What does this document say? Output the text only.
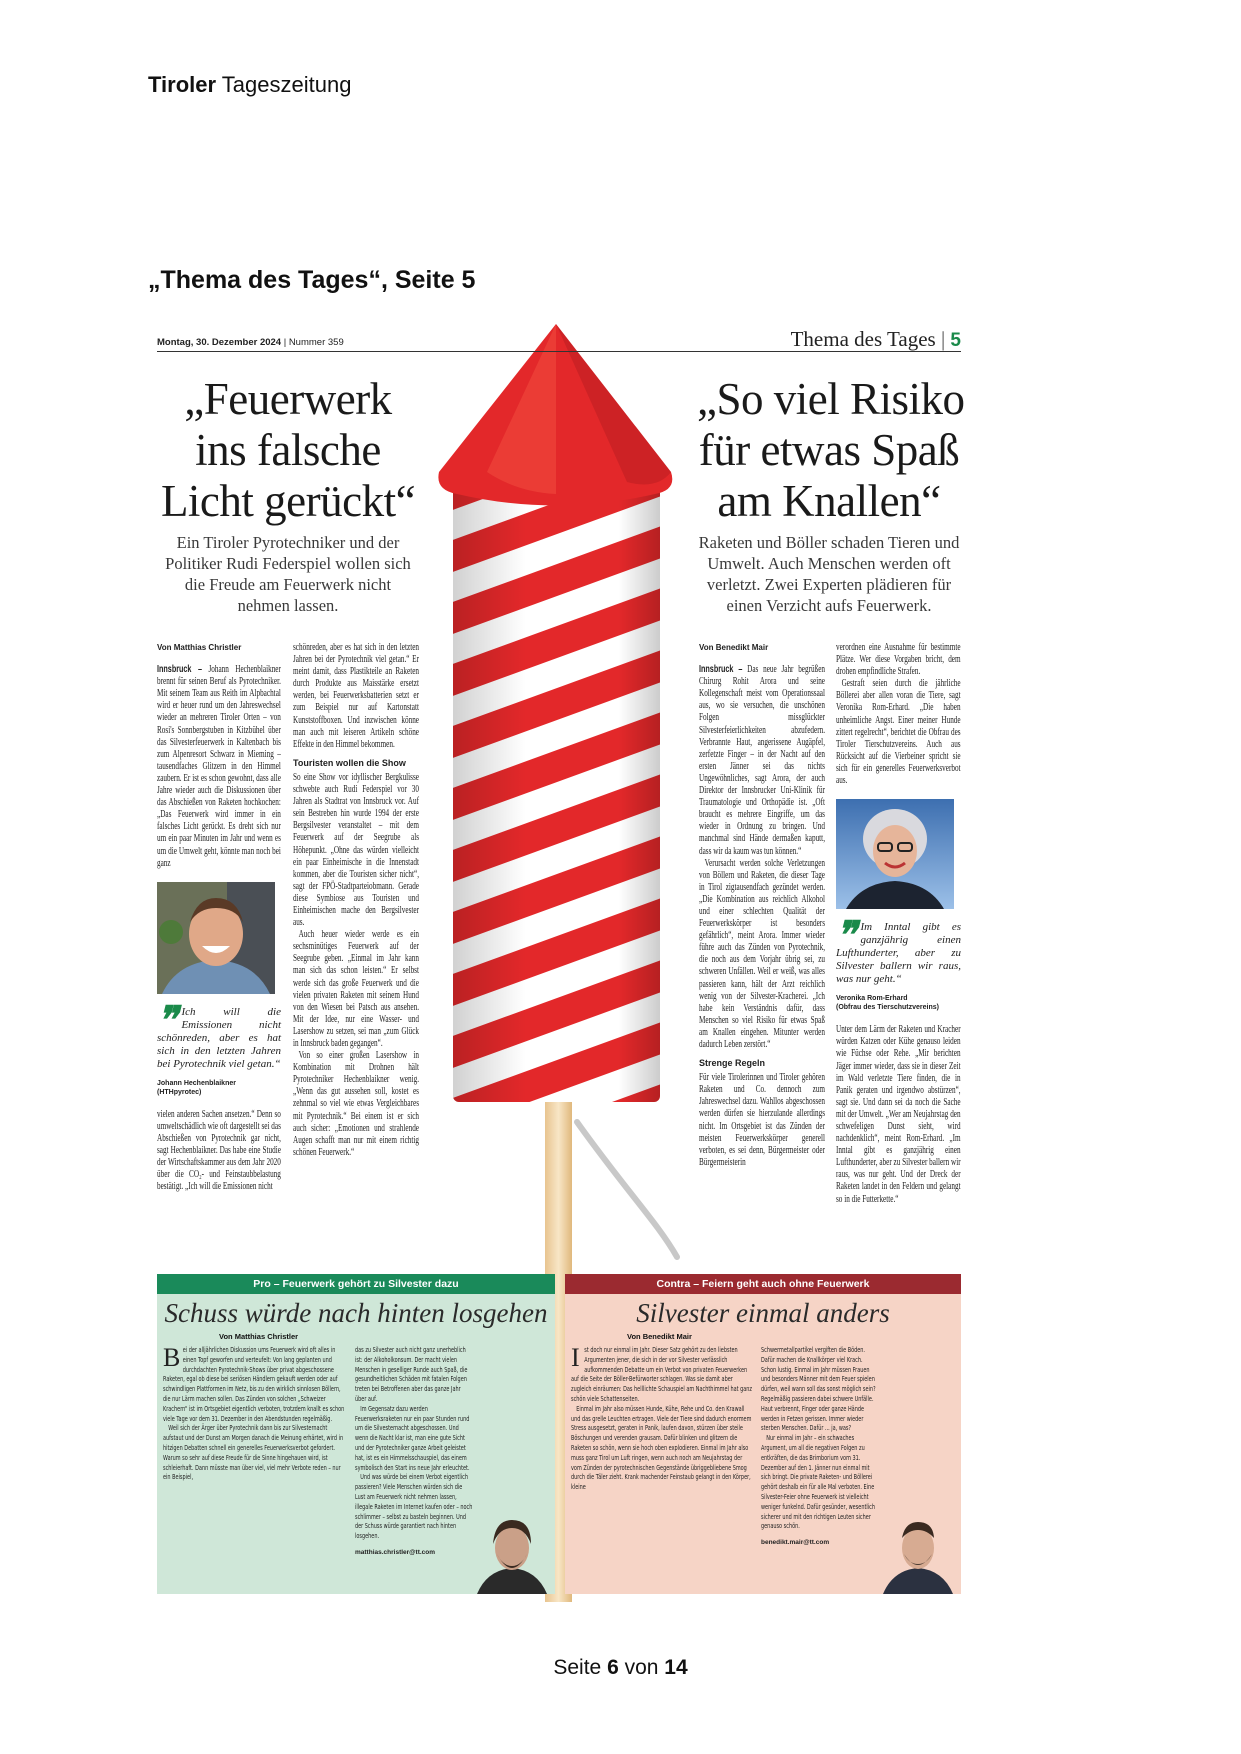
Tiroler Tageszeitung
„Thema des Tages“, Seite 5
Montag, 30. Dezember 2024 | Nummer 359	Thema des Tages | 5
„Feuerwerk
ins falsche
Licht gerückt“
Ein Tiroler Pyrotechniker und der Politiker Rudi Federspiel wollen sich die Freude am Feuerwerk nicht nehmen lassen.
Von Matthias Christler

Innsbruck – Johann Hechenblaikner brennt für seinen Beruf als Pyrotechniker. Mit seinem Team aus Reith im Alpbachtal wird er heuer rund um den Jahreswechsel wieder an mehreren Tiroler Orten – von Rosi's Sonnbergstuben in Kitzbühel über das Silvesterfeuerwerk in Kaltenbach bis zum Alpenresort Schwarz in Mieming – tausendfaches Glitzern in den Himmel zaubern. Er ist es schon gewohnt, dass alle Jahre wieder auch die Diskussionen über das Abschießen von Raketen hochkochen: „Das Feuerwerk wird immer in ein falsches Licht gerückt. Es dreht sich nur um ein paar Minuten im Jahr und wenn es um die Umwelt geht, könnte man noch bei ganz

❞ Ich will die Emissionen nicht schönreden, aber es hat sich in den letzten Jahren bei Pyrotechnik viel getan.“
Johann Hechenblaikner
(HTHpyrotec)

vielen anderen Sachen ansetzen.“ Denn so umweltschädlich wie oft dargestellt sei das Abschießen von Pyrotechnik gar nicht, sagt Hechenblaikner. Das habe eine Studie der Wirtschaftskammer aus dem Jahr 2020 über die CO₂- und Feinstaubbelastung bestätigt. „Ich will die Emissionen nicht

schönreden, aber es hat sich in den letzten Jahren bei der Pyrotechnik viel getan.“ Er meint damit, dass Plastikteile an Raketen durch Produkte aus Maisstärke ersetzt werden, bei Feuerwerksbatterien setzt er zum Beispiel nur auf Kartonstatt Kunststoffboxen. Und inzwischen könne man auch mit leiseren Artikeln schöne Effekte in den Himmel bekommen.

Touristen wollen die Show

So eine Show vor idyllischer Bergkulisse schwebte auch Rudi Federspiel vor 30 Jahren als Stadtrat von Innsbruck vor. Auf sein Bestreben hin wurde 1994 der erste Bergsilvester veranstaltet – mit dem Feuerwerk auf der Seegrube als Höhepunkt. „Ohne das würden vielleicht ein paar Einheimische in die Innenstadt kommen, aber die Touristen sicher nicht“, sagt der FPÖ-Stadtparteiobmann. Gerade diese Symbiose aus Touristen und Einheimischen mache den Bergsilvester aus.

Auch heuer wieder werde es ein sechsminütiges Feuerwerk auf der Seegrube geben. „Einmal im Jahr kann man sich das schon leisten.“ Er selbst werde sich das große Feuerwerk und die vielen privaten Raketen mit seinem Hund von den Wiesen bei Patsch aus ansehen. Mit der Idee, nur eine Wasser- und Lasershow zu setzen, sei man „zum Glück in Innsbruck baden gegangen“.

Von so einer großen Lasershow in Kombination mit Drohnen hält Pyrotechniker Hechenblaikner wenig. „Wenn das gut aussehen soll, kostet es zehnmal so viel wie etwas Vergleichbares mit Pyrotechnik.“ Bei einem ist er sich auch sicher: „Emotionen und strahlende Augen schafft man nur mit einem richtig schönen Feuerwerk.“

„So viel Risiko
für etwas Spaß
am Knallen“
Raketen und Böller schaden Tieren und Umwelt. Auch Menschen werden oft verletzt. Zwei Experten plädieren für einen Verzicht aufs Feuerwerk.
Von Benedikt Mair

Innsbruck – Das neue Jahr begrüßen Chirurg Rohit Arora und seine Kollegenschaft meist vom Operationssaal aus, wo sie versuchen, die unschönen Folgen missglückter Silvesterfeierlichkeiten abzufedern. Verbrannte Haut, angerissene Augäpfel, zerfetzte Finger – in der Nacht auf den ersten Jänner sei das nichts Ungewöhnliches, sagt Arora, der auch Direktor der Innsbrucker Uni-Klinik für Traumatologie und Orthopädie ist. „Oft braucht es mehrere Eingriffe, um das wieder in Ordnung zu bringen. Und manchmal sind Hände dermaßen kaputt, dass wir da kaum was tun können.“

Verursacht werden solche Verletzungen von Böllern und Raketen, die dieser Tage in Tirol zigtausendfach gezündet werden. „Die Kombination aus reichlich Alkohol und einer schlechten Qualität der Feuerwerkskörper ist besonders gefährlich“, meint Arora. Immer wieder führe auch das Zünden von Pyrotechnik, die noch aus dem Vorjahr übrig sei, zu schweren Unfällen. Weil er weiß, was alles passieren kann, hält der Arzt reichlich wenig von der Silvester-Kracherei. „Ich habe kein Verständnis dafür, dass Menschen so viel Risiko für etwas Spaß am Knallen eingehen. Mitunter werden dadurch Leben zerstört.“

Strenge Regeln

Für viele Tirolerinnen und Tiroler gehören Raketen und Co. dennoch zum Jahreswechsel dazu. Wahllos abgeschossen werden dürfen sie hierzulande allerdings nicht. Im Ortsgebiet ist das Zünden der meisten Feuerwerkskörper generell verboten, es sei denn, Bürgermeister oder Bürgermeisterin

verordnen eine Ausnahme für bestimmte Plätze. Wer diese Vorgaben bricht, dem drohen empfindliche Strafen.

Gestraft seien durch die jährliche Böllerei aber allen voran die Tiere, sagt Veronika Rom-Erhard. „Die haben unheimliche Angst. Einer meiner Hunde zittert regelrecht“, berichtet die Obfrau des Tiroler Tierschutzvereins. Auch aus Rücksicht auf die Vierbeiner spricht sie sich für ein generelles Feuerwerksverbot aus.

❞ Im Inntal gibt es ganzjährig einen Lufthunderter, aber zu Silvester ballern wir raus, was nur geht.“
Veronika Rom-Erhard
(Obfrau des Tierschutzvereins)

Unter dem Lärm der Raketen und Kracher würden Katzen oder Kühe genauso leiden wie Füchse oder Rehe. „Mir berichten Jäger immer wieder, dass sie in dieser Zeit im Wald verletzte Tiere finden, die in Panik geraten und irgendwo abstürzen“, sagt sie. Und dann sei da noch die Sache mit der Umwelt. „Wer am Neujahrstag den schwefeligen Dunst sieht, wird nachdenklich“, meint Rom-Erhard. „Im Inntal gibt es ganzjährig einen Lufthunderter, aber zu Silvester ballern wir raus, was nur geht. Und der Dreck der Raketen landet in den Feldern und gelangt so in die Futterkette.“

Pro – Feuerwerk gehört zu Silvester dazu
Schuss würde nach hinten losgehen
Von Matthias Christler
B ei der alljährlichen Diskussion ums Feuerwerk wird oft alles in einen Topf geworfen und verteufelt: Von lang geplanten und durchdachten Pyrotechnik-Shows über privat abgeschossene Raketen, egal ob diese bei seriösen Händlern gekauft werden oder auf schwindligen Plattformen im Netz, bis zu den wirklich sinnlosen Böllern, die nur Lärm machen sollen. Das Zünden von solchen „Schweizer Krachern“ ist im Ortsgebiet eigentlich verboten, trotzdem knallt es schon viele Tage vor dem 31. Dezember in den Abendstunden regelmäßig.

Weil sich der Ärger über Pyrotechnik dann bis zur Silvesternacht aufstaut und der Dunst am Morgen danach die Meinung erhärtet, wird in hitzigen Debatten schnell ein generelles Feuerwerksverbot gefordert. Warum so sehr auf diese Freude für die Sinne hingehauen wird, ist schleierhaft. Dann müsste man über viel, viel mehr Verbote reden – nur ein Beispiel,

das zu Silvester auch nicht ganz unerheblich ist: der Alkoholkonsum. Der macht vielen Menschen in geselliger Runde auch Spaß, die gesundheitlichen Schäden mit fatalen Folgen treten bei Betroffenen aber das ganze Jahr über auf.

Im Gegensatz dazu werden Feuerwerksraketen nur ein paar Stunden rund um die Silvesternacht abgeschossen. Und wenn die Nacht klar ist, man eine gute Sicht und der Pyrotechniker ganze Arbeit geleistet hat, ist es ein Himmelsschauspiel, das einem symbolisch den Start ins neue Jahr erleuchtet.

Und was würde bei einem Verbot eigentlich passieren? Viele Menschen würden sich die Lust am Feuerwerk nicht nehmen lassen, illegale Raketen im Internet kaufen oder – noch schlimmer – selbst zu basteln beginnen. Und der Schuss würde garantiert nach hinten losgehen.

matthias.christler@tt.com
Contra – Feiern geht auch ohne Feuerwerk
Silvester einmal anders
Von Benedikt Mair
I st doch nur einmal im Jahr. Dieser Satz gehört zu den liebsten Argumenten jener, die sich in der vor Silvester verlässlich aufkommenden Debatte um ein Verbot von privaten Feuerwerken auf die Seite der Böller-Befürworter schlagen. Was sie damit aber zugleich einräumen: Das helllichte Schauspiel am Nachthimmel hat ganz schön viele Schattenseiten.

Einmal im Jahr also müssen Hunde, Kühe, Rehe und Co. den Krawall und das grelle Leuchten ertragen. Viele der Tiere sind dadurch enormem Stress ausgesetzt, geraten in Panik, laufen davon, stürzen über steile Böschungen und verenden grausam. Dafür blinken und glitzern die Raketen so schön, wenn sie hoch oben explodieren. Einmal im Jahr also muss ganz Tirol um Luft ringen, wenn auch noch am Neujahrstag der vom Zünden der pyrotechnischen Gegenstände übriggebliebene Smog durch die Täler zieht. Krank machender Feinstaub gelangt in den Körper, kleine

Schwermetallpartikel vergiften die Böden. Dafür machen die Knallkörper viel Krach. Schon lustig. Einmal im Jahr müssen Frauen und besonders Männer mit dem Feuer spielen dürfen, weil wann soll das sonst möglich sein? Regelmäßig passieren dabei schwere Unfälle. Haut verbrennt, Finger oder ganze Hände werden in Fetzen gerissen. Immer wieder sterben Menschen. Dafür ... ja, was?

Nur einmal im Jahr – ein schwaches Argument, um all die negativen Folgen zu entkräften, die das Brimborium vom 31. Dezember auf den 1. Jänner nun einmal mit sich bringt. Die private Raketen- und Böllerei gehört deshalb ein für alle Mal verboten. Eine Silvester-Feier ohne Feuerwerk ist vielleicht weniger funkelnd. Dafür gesünder, wesentlich sicherer und mit den richtigen Leuten sicher genauso schön.

benedikt.mair@tt.com
Seite 6 von 14
